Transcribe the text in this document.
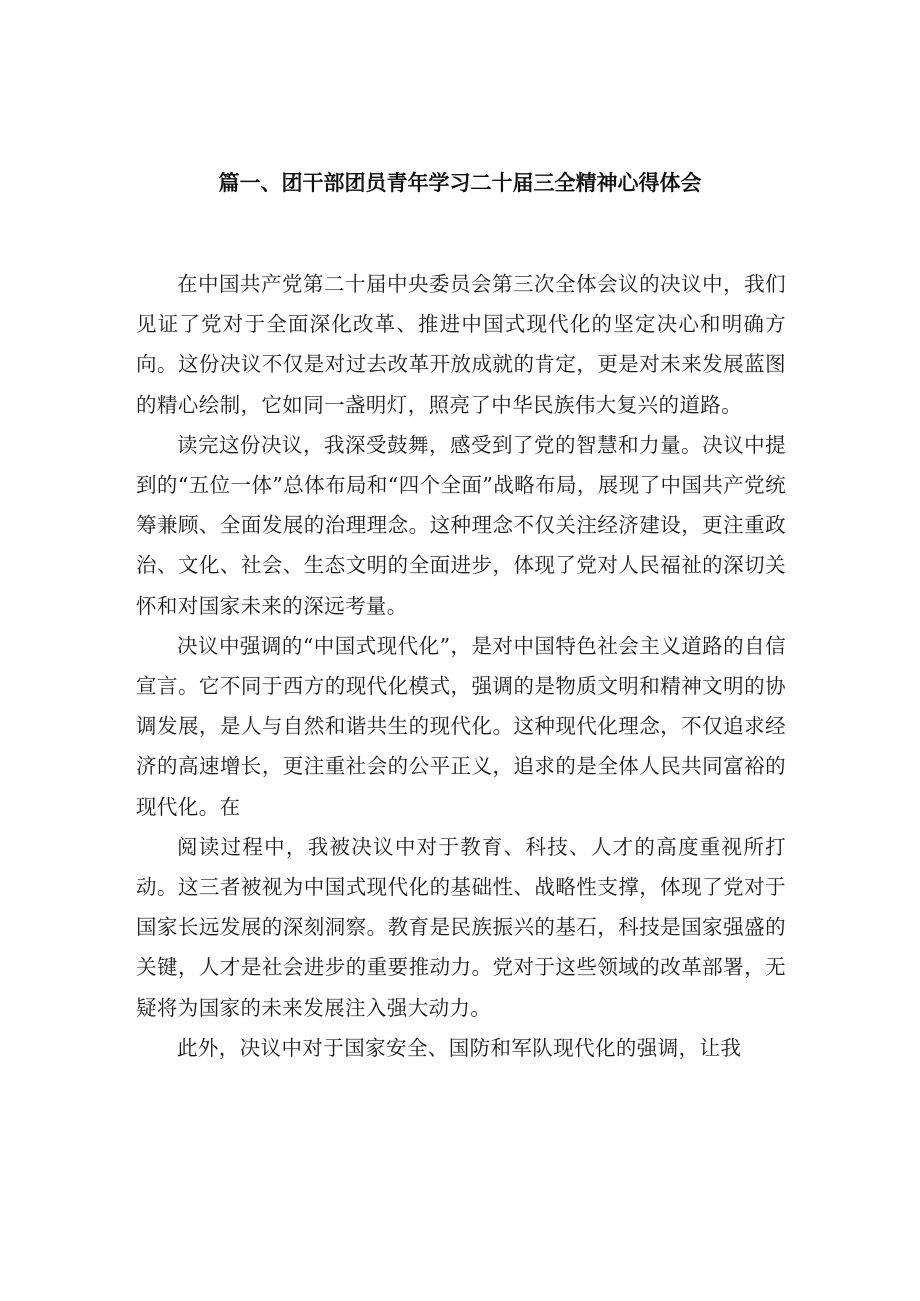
篇一、团干部团员青年学习二十届三全精神心得体会

在中国共产党第二十届中央委员会第三次全体会议的决议中，我们见证了党对于全面深化改革、推进中国式现代化的坚定决心和明确方向。这份决议不仅是对过去改革开放成就的肯定，更是对未来发展蓝图的精心绘制，它如同一盏明灯，照亮了中华民族伟大复兴的道路。

读完这份决议，我深受鼓舞，感受到了党的智慧和力量。决议中提到的“五位一体”总体布局和“四个全面”战略布局，展现了中国共产党统筹兼顾、全面发展的治理理念。这种理念不仅关注经济建设，更注重政治、文化、社会、生态文明的全面进步，体现了党对人民福祉的深切关怀和对国家未来的深远考量。

决议中强调的“中国式现代化”，是对中国特色社会主义道路的自信宣言。它不同于西方的现代化模式，强调的是物质文明和精神文明的协调发展，是人与自然和谐共生的现代化。这种现代化理念，不仅追求经济的高速增长，更注重社会的公平正义，追求的是全体人民共同富裕的现代化。在

阅读过程中，我被决议中对于教育、科技、人才的高度重视所打动。这三者被视为中国式现代化的基础性、战略性支撑，体现了党对于国家长远发展的深刻洞察。教育是民族振兴的基石，科技是国家强盛的关键，人才是社会进步的重要推动力。党对于这些领域的改革部署，无疑将为国家的未来发展注入强大动力。

此外，决议中对于国家安全、国防和军队现代化的强调，让我
